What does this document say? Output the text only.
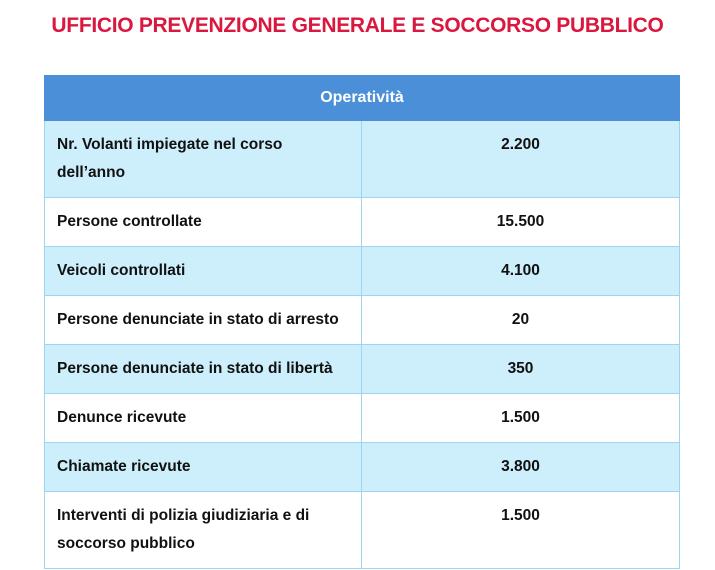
UFFICIO PREVENZIONE GENERALE E SOCCORSO PUBBLICO
Operatività	
Nr. Volanti impiegate nel corso dell’anno	2.200
Persone controllate	15.500
Veicoli controllati	4.100
Persone denunciate in stato di arresto	20
Persone denunciate in stato di libertà	350
Denunce ricevute	1.500
Chiamate ricevute	3.800
Interventi di polizia giudiziaria e di soccorso pubblico	1.500
